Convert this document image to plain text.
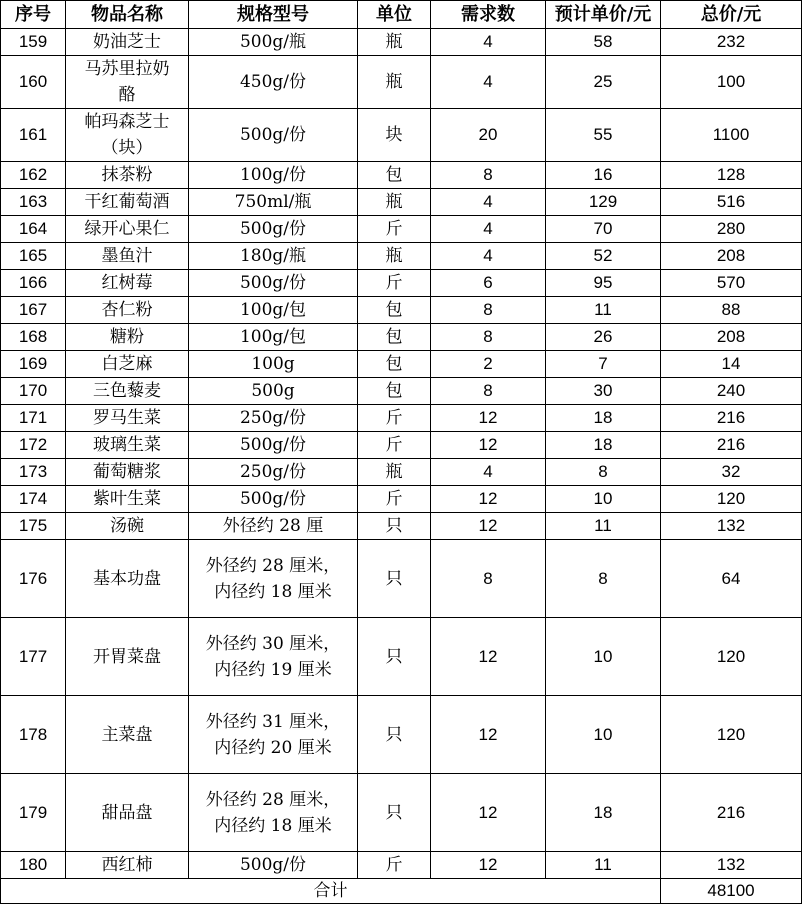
序号	物品名称	规格型号	单位	需求数	预计单价/元	总价/元
159	奶油芝士	500g/瓶	瓶	4	58	232
160	马苏里拉奶酪	450g/份	瓶	4	25	100
161	帕玛森芝士（块）	500g/份	块	20	55	1100
162	抹茶粉	100g/份	包	8	16	128
163	干红葡萄酒	750ml/瓶	瓶	4	129	516
164	绿开心果仁	500g/份	斤	4	70	280
165	墨鱼汁	180g/瓶	瓶	4	52	208
166	红树莓	500g/份	斤	6	95	570
167	杏仁粉	100g/包	包	8	11	88
168	糖粉	100g/包	包	8	26	208
169	白芝麻	100g	包	2	7	14
170	三色藜麦	500g	包	8	30	240
171	罗马生菜	250g/份	斤	12	18	216
172	玻璃生菜	500g/份	斤	12	18	216
173	葡萄糖浆	250g/份	瓶	4	8	32
174	紫叶生菜	500g/份	斤	12	10	120
175	汤碗	外径约 28 厘	只	12	11	132
176	基本功盘	外径约 28 厘米，内径约 18 厘米	只	8	8	64
177	开胃菜盘	外径约 30 厘米，内径约 19 厘米	只	12	10	120
178	主菜盘	外径约 31 厘米，内径约 20 厘米	只	12	10	120
179	甜品盘	外径约 28 厘米，内径约 18 厘米	只	12	18	216
180	西红柿	500g/份	斤	12	11	132
合计						48100
